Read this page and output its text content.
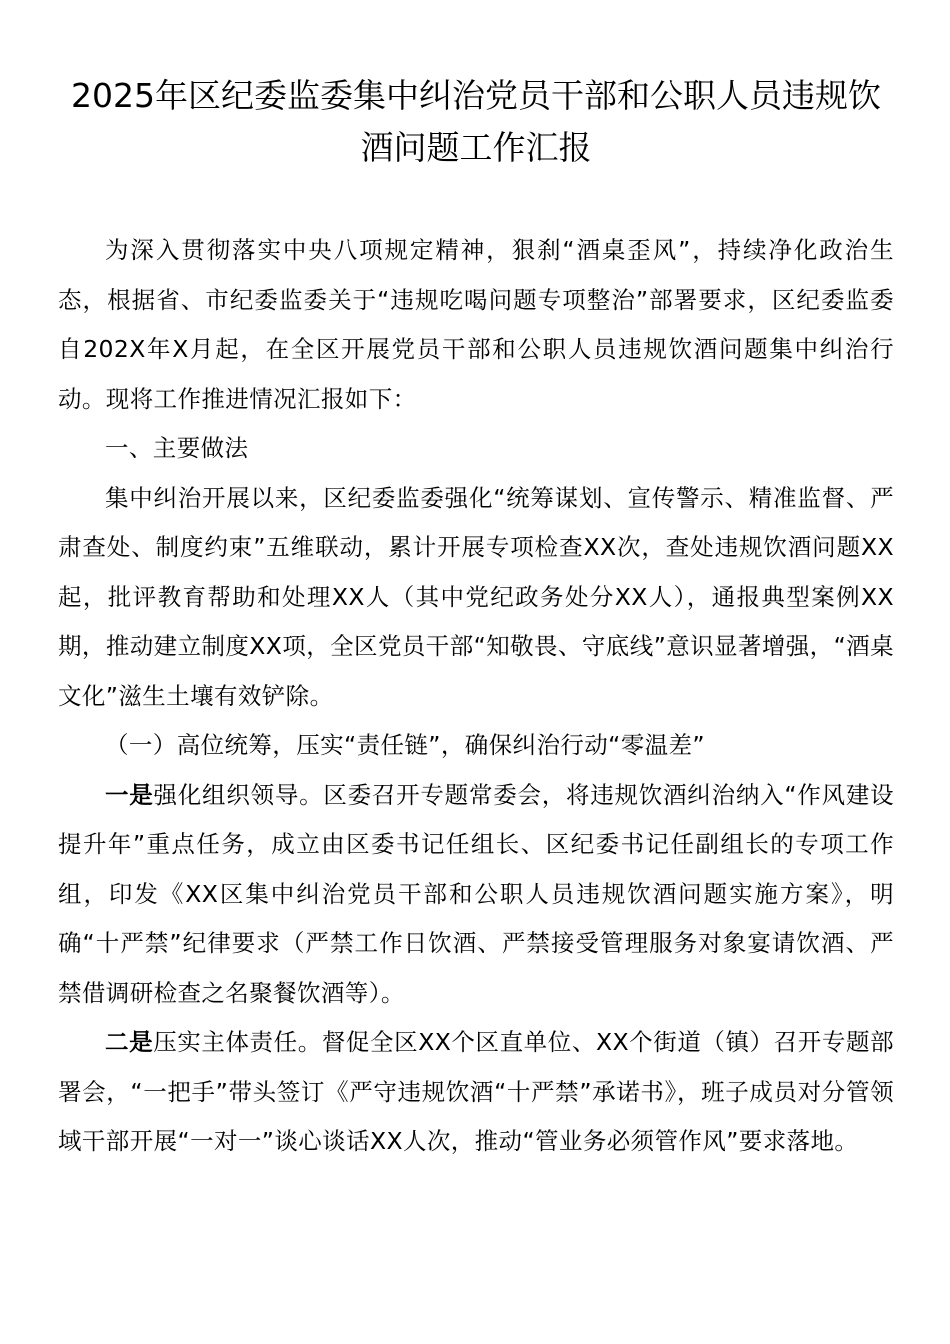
2025年区纪委监委集中纠治党员干部和公职人员违规饮酒问题工作汇报

为深入贯彻落实中央八项规定精神，狠刹“酒桌歪风”，持续净化政治生态，根据省、市纪委监委关于“违规吃喝问题专项整治”部署要求，区纪委监委自202X年X月起，在全区开展党员干部和公职人员违规饮酒问题集中纠治行动。现将工作推进情况汇报如下：

一、主要做法

集中纠治开展以来，区纪委监委强化“统筹谋划、宣传警示、精准监督、严肃查处、制度约束”五维联动，累计开展专项检查XX次，查处违规饮酒问题XX起，批评教育帮助和处理XX人（其中党纪政务处分XX人），通报典型案例XX期，推动建立制度XX项，全区党员干部“知敬畏、守底线”意识显著增强，“酒桌文化”滋生土壤有效铲除。

（一）高位统筹，压实“责任链”，确保纠治行动“零温差”

一是强化组织领导。区委召开专题常委会，将违规饮酒纠治纳入“作风建设提升年”重点任务，成立由区委书记任组长、区纪委书记任副组长的专项工作组，印发《XX区集中纠治党员干部和公职人员违规饮酒问题实施方案》，明确“十严禁”纪律要求（严禁工作日饮酒、严禁接受管理服务对象宴请饮酒、严禁借调研检查之名聚餐饮酒等）。

二是压实主体责任。督促全区XX个区直单位、XX个街道（镇）召开专题部署会，“一把手”带头签订《严守违规饮酒“十严禁”承诺书》，班子成员对分管领域干部开展“一对一”谈心谈话XX人次，推动“管业务必须管作风”要求落地。
